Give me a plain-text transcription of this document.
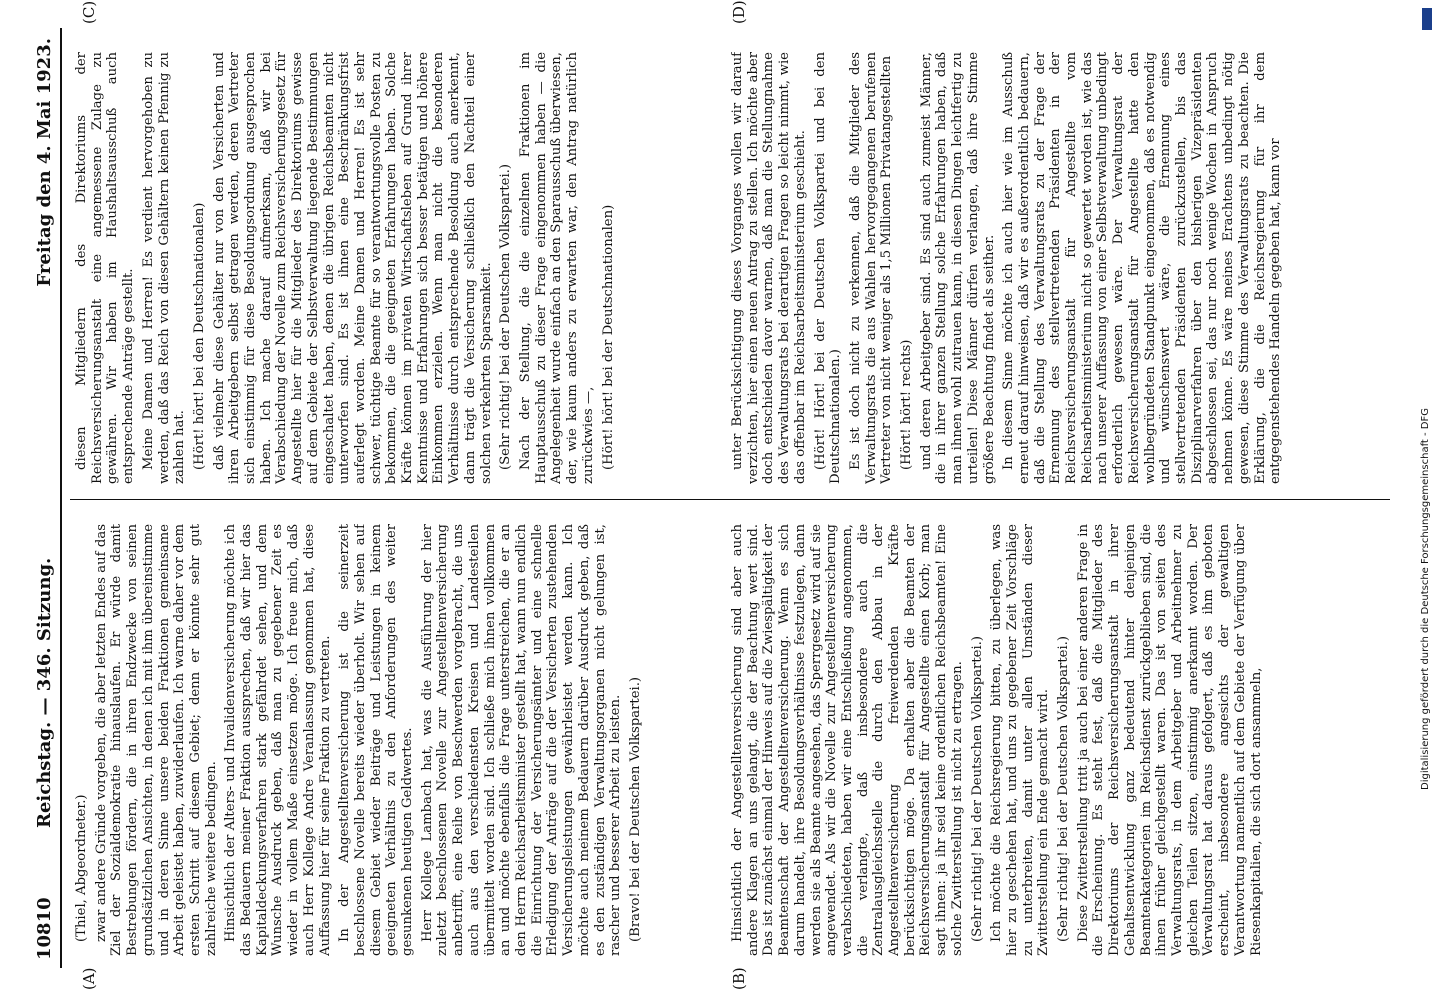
10810
Reichstag. — 346. Sitzung.
Freitag den 4. Mai 1923.
(A)	(B)
(C)	(D)

(Thiel, Abgeordneter.) zwar andere Gründe vorgeben, die aber letzten Endes auf das Ziel der Sozialdemokratie hinauslaufen. Er würde damit Bestrebungen fördern, die in ihren Endzwecke von seinen grundsätzlichen Ansichten, in denen ich mit ihm übereinstimme und in deren Sinne unsere beiden Fraktionen gemeinsame Arbeit geleistet haben, zuwiderlaufen. Ich warne daher vor dem ersten Schritt auf diesem Gebiet; denn er könnte sehr gut zahlreiche weitere bedingen. Hinsichtlich der Alters- und Invalidenversicherung möchte ich das Bedauern meiner Fraktion aussprechen, daß wir hier das Kapitaldeckungsverfahren stark gefährdet sehen, und dem Wunsche Ausdruck geben, daß man zu gegebener Zeit es wieder in vollem Maße einsetzen möge. Ich freue mich, daß auch Herr Kollege Andre Veranlassung genommen hat, diese Auffassung hier für seine Fraktion zu vertreten. In der Angestelltenversicherung ist die seinerzeit beschlossene Novelle bereits wieder überholt. Wir sehen auf diesem Gebiet wieder Beiträge und Leistungen in keinem geeigneten Verhältnis zu den Anforderungen des weiter gesunkenen heutigen Geldwertes. Herr Kollege Lambach hat, was die Ausführung der hier zuletzt beschlossenen Novelle zur Angestelltenversicherung anbetrifft, eine Reihe von Beschwerden vorgebracht, die uns auch aus den verschiedensten Kreisen und Landesteilen übermittelt worden sind. Ich schließe mich ihnen vollkommen an und möchte ebenfalls die Frage unterstreichen, die er an den Herrn Reichsarbeitsminister gestellt hat, wann nun endlich die Einrichtung der Versicherungsämter und eine schnelle Erledigung der Anträge auf die der Versicherten zustehenden Versicherungsleistungen gewährleistet werden kann. Ich möchte auch meinem Bedauern darüber Ausdruck geben, daß es den zuständigen Verwaltungsorganen nicht gelungen ist, rascher und besserer Arbeit zu leisten. (Bravo! bei der Deutschen Volkspartei.)	Hinsichtlich der Angestelltenversicherung sind aber auch andere Klagen an uns gelangt, die der Beachtung wert sind. Das ist zunächst einmal der Hinweis auf die Zwiespältigkeit der Beamtenschaft der Angestelltenversicherung. Wenn es sich darum handelt, ihre Besoldungsverhältnisse festzulegen, dann werden sie als Beamte angesehen, das Sperrgesetz wird auf sie angewendet. Als wir die Novelle zur Angestelltenversicherung verabschiedeten, haben wir eine Entschließung angenommen, die verlangte, daß insbesondere auch die Zentralausgleichsstelle die durch den Abbau in der Angestelltenversicherung freiwerdenden Kräfte berücksichtigen möge. Da erhalten aber die Beamten der Reichsversicherungsanstalt für Angestellte einen Korb; man sagt ihnen: ja ihr seid keine ordentlichen Reichsbeamten! Eine solche Zwitterstellung ist nicht zu ertragen. (Sehr richtig! bei der Deutschen Volkspartei.) Ich möchte die Reichsregierung bitten, zu überlegen, was hier zu geschehen hat, und uns zu gegebener Zeit Vorschläge zu unterbreiten, damit unter allen Umständen dieser Zwitterstellung ein Ende gemacht wird. (Sehr richtig! bei der Deutschen Volkspartei.) Diese Zwitterstellung tritt ja auch bei einer anderen Frage in die Erscheinung. Es steht fest, daß die Mitglieder des Direktoriums der Reichsversicherungsanstalt in ihrer Gehaltsentwicklung ganz bedeutend hinter denjenigen Beamtenkategorien im Reichsdienst zurückgeblieben sind, die ihnen früher gleichgestellt waren. Das ist von seiten des Verwaltungsrats, in dem Arbeitgeber und Arbeitnehmer zu gleichen Teilen sitzen, einstimmig anerkannt worden. Der Verwaltungsrat hat daraus gefolgert, daß es ihm geboten erscheint, insbesondere angesichts der gewaltigen Verantwortung namentlich auf dem Gebiete der Verfügung über Riesenkapitalien, die sich dort ansammeln,

diesen Mitgliedern des Direktoriums der Reichsversicherungsanstalt eine angemessene Zulage zu gewähren. Wir haben im Haushaltsausschuß auch entsprechende Anträge gestellt. Meine Damen und Herren! Es verdient hervorgehoben zu werden, daß das Reich von diesen Gehältern keinen Pfennig zu zahlen hat. (Hört! hört! bei den Deutschnationalen) daß vielmehr diese Gehälter nur von den Versicherten und ihren Arbeitgebern selbst getragen werden, deren Vertreter sich einstimmig für diese Besoldungsordnung ausgesprochen haben. Ich mache darauf aufmerksam, daß wir bei Verabschiedung der Novelle zum Reichsversicherungsgesetz für Angestellte hier für die Mitglieder des Direktoriums gewisse auf dem Gebiete der Selbstverwaltung liegende Bestimmungen eingeschaltet haben, denen die übrigen Reichsbeamten nicht unterworfen sind. Es ist ihnen eine Beschränkungsfrist auferlegt worden. Meine Damen und Herren! Es ist sehr schwer, tüchtige Beamte für so verantwortungsvolle Posten zu bekommen, die die geeigneten Erfahrungen haben. Solche Kräfte können im privaten Wirtschaftsleben auf Grund ihrer Kenntnisse und Erfahrungen sich besser betätigen und höhere Einkommen erzielen. Wenn man nicht die besonderen Verhältnisse durch entsprechende Besoldung auch anerkennt, dann trägt die Versicherung schließlich den Nachteil einer solchen verkehrten Sparsamkeit. (Sehr richtig! bei der Deutschen Volkspartei.) Nach der Stellung, die die einzelnen Fraktionen im Hauptausschuß zu dieser Frage eingenommen haben — die Angelegenheit wurde einfach an den Sparausschuß überwiesen, der, wie kaum anders zu erwarten war, den Antrag natürlich zurückwies —, (Hört! hört! bei der Deutschnationalen)	unter Berücksichtigung dieses Vorganges wollen wir darauf verzichten, hier einen neuen Antrag zu stellen. Ich möchte aber doch entschieden davor warnen, daß man die Stellungnahme des Verwaltungsrats bei derartigen Fragen so leicht nimmt, wie das offenbar im Reichsarbeitsministerium geschieht. (Hört! Hört! bei der Deutschen Volkspartei und bei den Deutschnationalen.) Es ist doch nicht zu verkennen, daß die Mitglieder des Verwaltungsrats die aus Wahlen hervorgegangenen berufenen Vertreter von nicht weniger als 1,5 Millionen Privatangestellten (Hört! hört! rechts) und deren Arbeitgeber sind. Es sind auch zumeist Männer, die in ihrer ganzen Stellung solche Erfahrungen haben, daß man ihnen wohl zutrauen kann, in diesen Dingen leichtfertig zu urteilen! Diese Männer dürfen verlangen, daß ihre Stimme größere Beachtung findet als seither. In diesem Sinne möchte ich auch hier wie im Ausschuß erneut darauf hinweisen, daß wir es außerordentlich bedauern, daß die Stellung des Verwaltungsrats zu der Frage der Ernennung des stellvertretenden Präsidenten in der Reichsversicherungsanstalt für Angestellte vom Reichsarbeitsministerium nicht so gewertet worden ist, wie das nach unserer Auffassung von einer Selbstverwaltung unbedingt erforderlich gewesen wäre. Der Verwaltungsrat der Reichsversicherungsanstalt für Angestellte hatte den wohlbegründeten Standpunkt eingenommen, daß es notwendig und wünschenswert wäre, die Ernennung eines stellvertretenden Präsidenten zurückzustellen, bis das Disziplinarverfahren über den bisherigen Vizepräsidenten abgeschlossen sei, das nur noch wenige Wochen in Anspruch nehmen könne. Es wäre meines Erachtens unbedingt nötig gewesen, diese Stimme des Verwaltungsrats zu beachten. Die Erklärung, die die Reichsregierung für ihr dem entgegenstehendes Handeln gegeben hat, kann vor

Digitalisierung gefördert durch die Deutsche Forschungsgemeinschaft - DFG
